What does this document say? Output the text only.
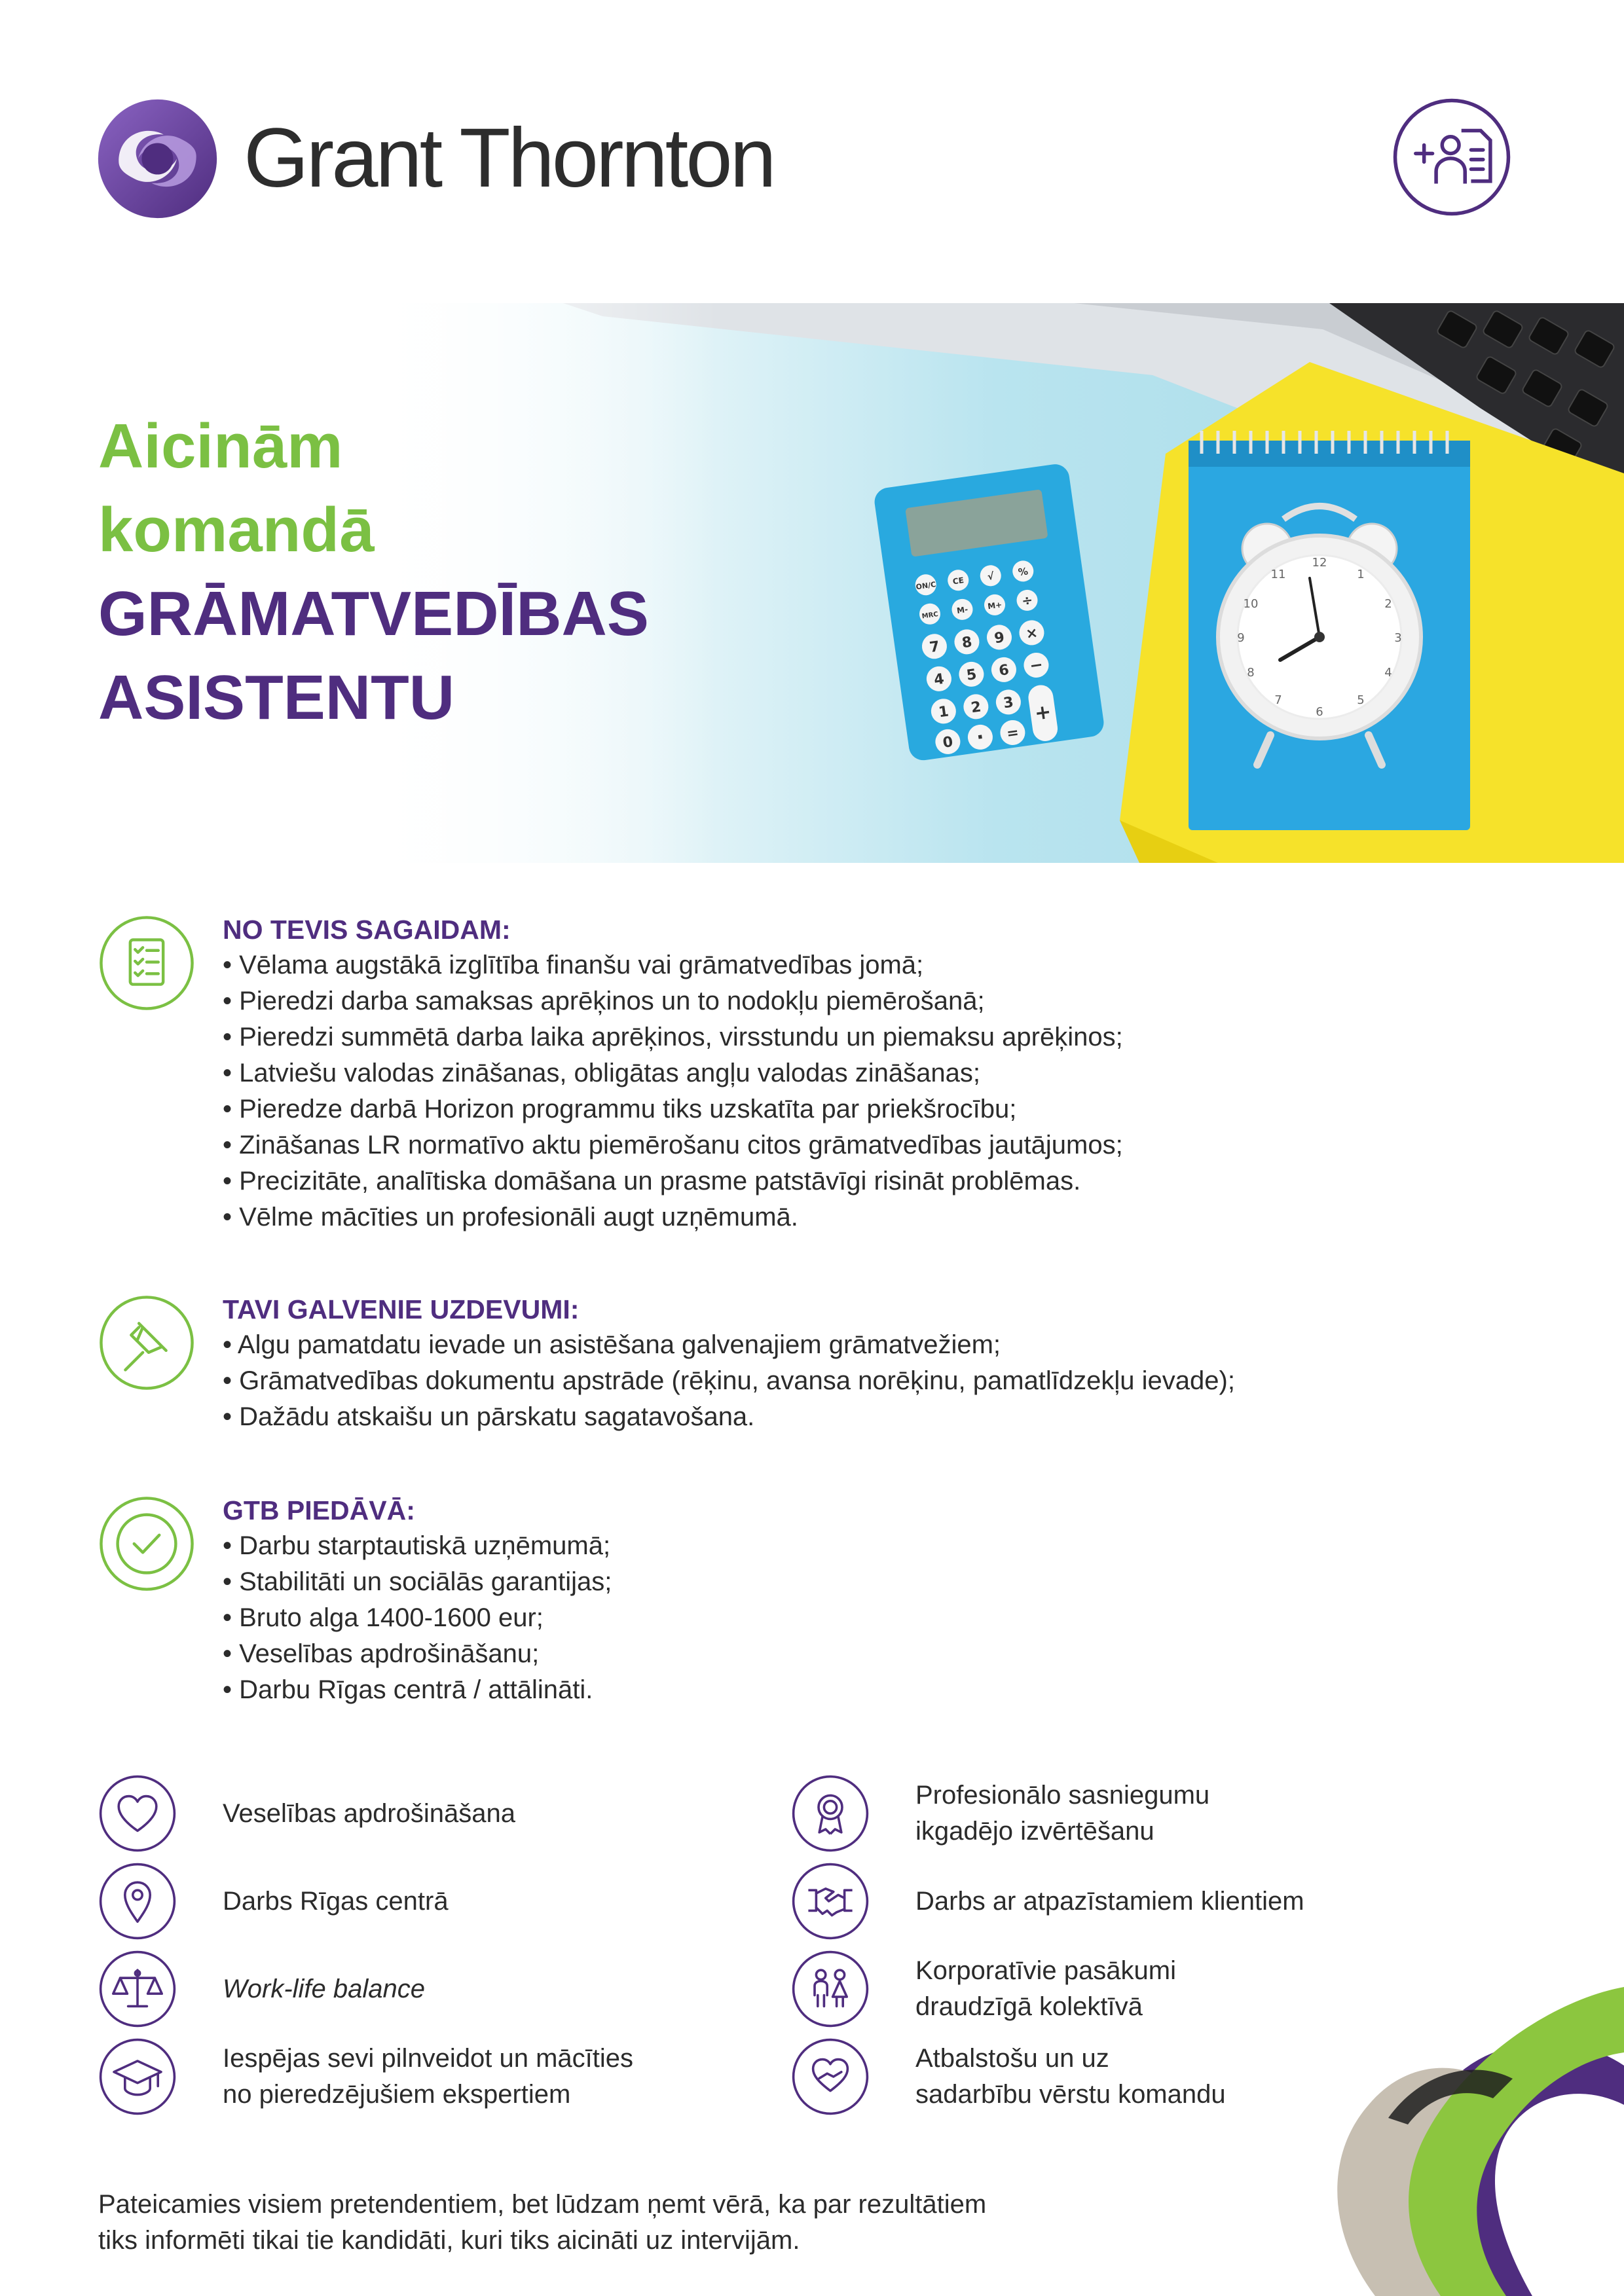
Grant Thornton
Aicinām
komandā
GRĀMATVEDĪBAS
ASISTENTU
NO TEVIS SAGAIDAM:
• Vēlama augstākā izglītība finanšu vai grāmatvedības jomā;
• Pieredzi darba samaksas aprēķinos un to nodokļu piemērošanā;
• Pieredzi summētā darba laika aprēķinos, virsstundu un piemaksu aprēķinos;
• Latviešu valodas zināšanas, obligātas angļu valodas zināšanas;
• Pieredze darbā Horizon programmu tiks uzskatīta par priekšrocību;
• Zināšanas LR normatīvo aktu piemērošanu citos grāmatvedības jautājumos;
• Precizitāte, analītiska domāšana un prasme patstāvīgi risināt problēmas.
• Vēlme mācīties un profesionāli augt uzņēmumā.
TAVI GALVENIE UZDEVUMI:
• Algu pamatdatu ievade un asistēšana galvenajiem grāmatvežiem;
• Grāmatvedības dokumentu apstrāde (rēķinu, avansa norēķinu, pamatlīdzekļu ievade);
• Dažādu atskaišu un pārskatu sagatavošana.
GTB PIEDĀVĀ:
• Darbu starptautiskā uzņēmumā;
• Stabilitāti un sociālās garantijas;
• Bruto alga 1400-1600 eur;
• Veselības apdrošināšanu;
• Darbu Rīgas centrā / attālināti.
Veselības apdrošināšana
Darbs Rīgas centrā
Work-life balance
Iespējas sevi pilnveidot un mācīties
no pieredzējušiem ekspertiem
Profesionālo sasniegumu
ikgadējo izvērtēšanu
Darbs ar atpazīstamiem klientiem
Korporatīvie pasākumi
draudzīgā kolektīvā
Atbalstošu un uz
sadarbību vērstu komandu
Pateicamies visiem pretendentiem, bet lūdzam ņemt vērā, ka par rezultātiem
tiks informēti tikai tie kandidāti, kuri tiks aicināti uz intervijām.
